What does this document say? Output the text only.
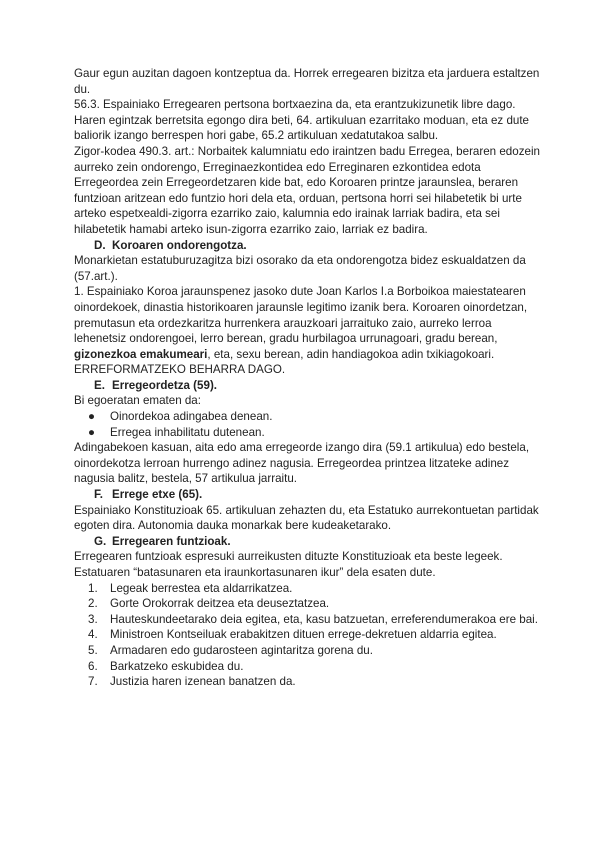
Gaur egun auzitan dagoen kontzeptua da. Horrek erregearen bizitza eta jarduera estaltzen du.

56.3. Espainiako Erregearen pertsona bortxaezina da, eta erantzukizunetik libre dago. Haren egintzak berretsita egongo dira beti, 64. artikuluan ezarritako moduan, eta ez dute baliorik izango berrespen hori gabe, 65.2 artikuluan xedatutakoa salbu.

Zigor-kodea 490.3. art.: Norbaitek kalumniatu edo iraintzen badu Erregea, beraren edozein aurreko zein ondorengo, Erreginaezkontidea edo Erreginaren ezkontidea edota Erregeordea zein Erregeordetzaren kide bat, edo Koroaren printze jaraunslea, beraren funtzioan aritzean edo funtzio hori dela eta, orduan, pertsona horri sei hilabetetik bi urte arteko espetxealdi-zigorra ezarriko zaio, kalumnia edo irainak larriak badira, eta sei hilabetetik hamabi arteko isun-zigorra ezarriko zaio, larriak ez badira.

D. Koroaren ondorengotza.

Monarkietan estatuburuzagitza bizi osorako da eta ondorengotza bidez eskualdatzen da (57.art.).

1. Espainiako Koroa jaraunspenez jasoko dute Joan Karlos I.a Borboikoa maiestatearen oinordekoek, dinastia historikoaren jaraunsle legitimo izanik bera. Koroaren oinordetzan, premutasun eta ordezkaritza hurrenkera arauzkoari jarraituko zaio, aurreko lerroa lehenetsiz ondorengoei, lerro berean, gradu hurbilagoa urrunagoari, gradu berean, gizonezkoa emakumeari, eta, sexu berean, adin handiagokoa adin txikiagokoari.

ERREFORMATZEKO BEHARRA DAGO.

E. Erregeordetza (59).

Bi egoeratan ematen da:

● Oinordekoa adingabea denean.
● Erregea inhabilitatu dutenean.

Adingabekoen kasuan, aita edo ama erregeorde izango dira (59.1 artikulua) edo bestela, oinordekotza lerroan hurrengo adinez nagusia. Erregeordea printzea litzateke adinez nagusia balitz, bestela, 57 artikulua jarraitu.

F. Errege etxe (65).

Espainiako Konstituzioak 65. artikuluan zehazten du, eta Estatuko aurrekontuetan partidak egoten dira. Autonomia dauka monarkak bere kudeaketarako.

G. Erregearen funtzioak.

Erregearen funtzioak espresuki aurreikusten dituzte Konstituzioak eta beste legeek. Estatuaren “batasunaren eta iraunkortasunaren ikur” dela esaten dute.

1. Legeak berrestea eta aldarrikatzea.
2. Gorte Orokorrak deitzea eta deuseztatzea.
3. Hauteskundeetarako deia egitea, eta, kasu batzuetan, erreferendumerakoa ere bai.
4. Ministroen Kontseiluak erabakitzen dituen errege-dekretuen aldarria egitea.
5. Armadaren edo gudarosteen agintaritza gorena du.
6. Barkatzeko eskubidea du.
7. Justizia haren izenean banatzen da.
